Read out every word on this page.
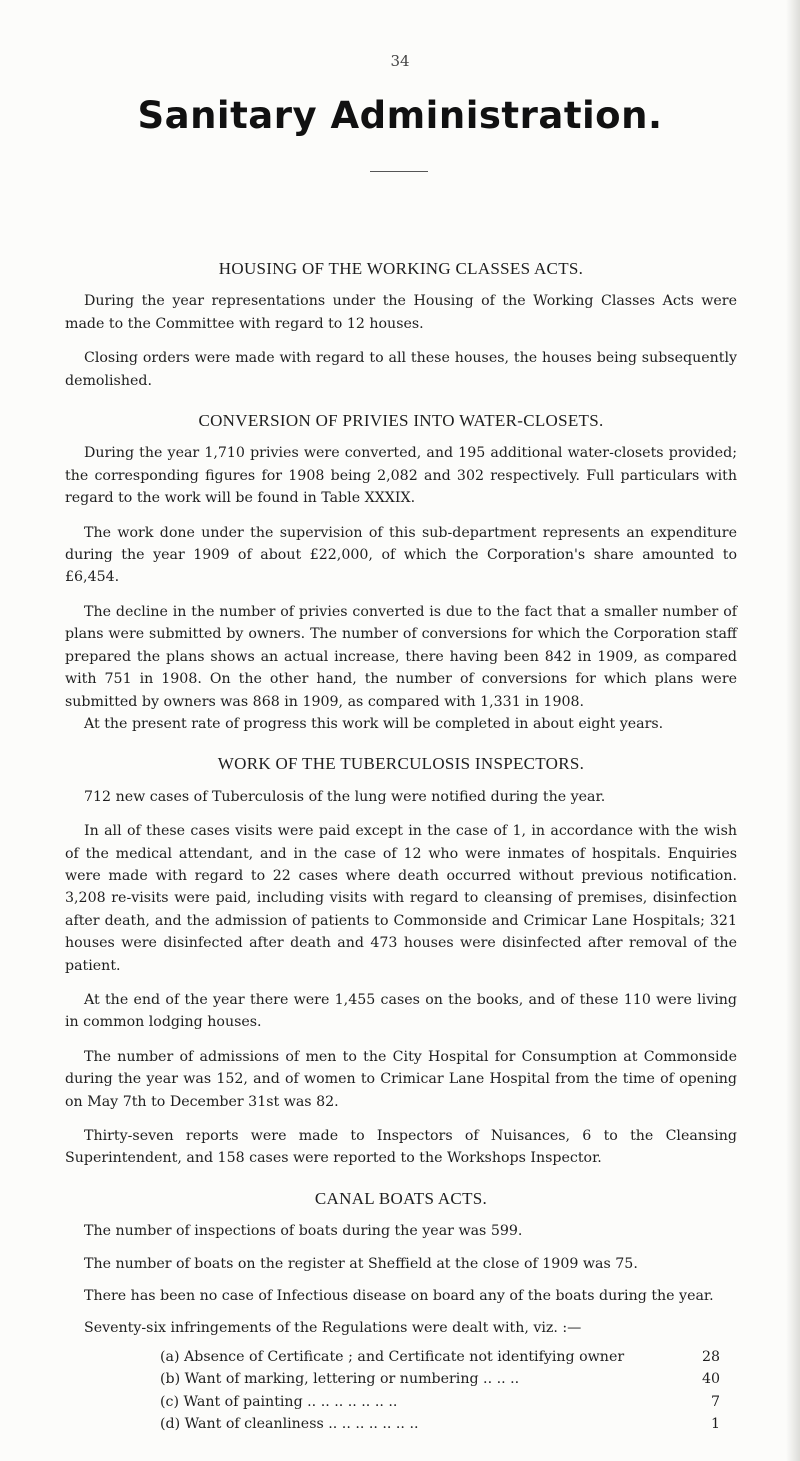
34
Sanitary Administration.
HOUSING OF THE WORKING CLASSES ACTS.

During the year representations under the Housing of the Working Classes Acts were made to the Committee with regard to 12 houses.

Closing orders were made with regard to all these houses, the houses being subsequently demolished.

CONVERSION OF PRIVIES INTO WATER-CLOSETS.

During the year 1,710 privies were converted, and 195 additional water-closets provided; the corresponding figures for 1908 being 2,082 and 302 respectively. Full particulars with regard to the work will be found in Table XXXIX.

The work done under the supervision of this sub-department represents an expenditure during the year 1909 of about £22,000, of which the Corporation's share amounted to £6,454.

The decline in the number of privies converted is due to the fact that a smaller number of plans were submitted by owners. The number of conversions for which the Corporation staff prepared the plans shows an actual increase, there having been 842 in 1909, as compared with 751 in 1908. On the other hand, the number of conversions for which plans were submitted by owners was 868 in 1909, as compared with 1,331 in 1908.

At the present rate of progress this work will be completed in about eight years.

WORK OF THE TUBERCULOSIS INSPECTORS.

712 new cases of Tuberculosis of the lung were notified during the year.

In all of these cases visits were paid except in the case of 1, in accordance with the wish of the medical attendant, and in the case of 12 who were inmates of hospitals. Enquiries were made with regard to 22 cases where death occurred without previous notification. 3,208 re-visits were paid, including visits with regard to cleansing of premises, disinfection after death, and the admission of patients to Commonside and Crimicar Lane Hospitals; 321 houses were disinfected after death and 473 houses were disinfected after removal of the patient.

At the end of the year there were 1,455 cases on the books, and of these 110 were living in common lodging houses.

The number of admissions of men to the City Hospital for Consumption at Commonside during the year was 152, and of women to Crimicar Lane Hospital from the time of opening on May 7th to December 31st was 82.

Thirty-seven reports were made to Inspectors of Nuisances, 6 to the Cleansing Superintendent, and 158 cases were reported to the Workshops Inspector.

CANAL BOATS ACTS.

The number of inspections of boats during the year was 599.

The number of boats on the register at Sheffield at the close of 1909 was 75.

There has been no case of Infectious disease on board any of the boats during the year.

Seventy-six infringements of the Regulations were dealt with, viz. :—

(a) Absence of Certificate ; and Certificate not identifying owner	28
(b) Want of marking, lettering or numbering .. .. ..	40
(c) Want of painting .. .. .. .. .. .. ..	7
(d) Want of cleanliness .. .. .. .. .. .. ..	1
